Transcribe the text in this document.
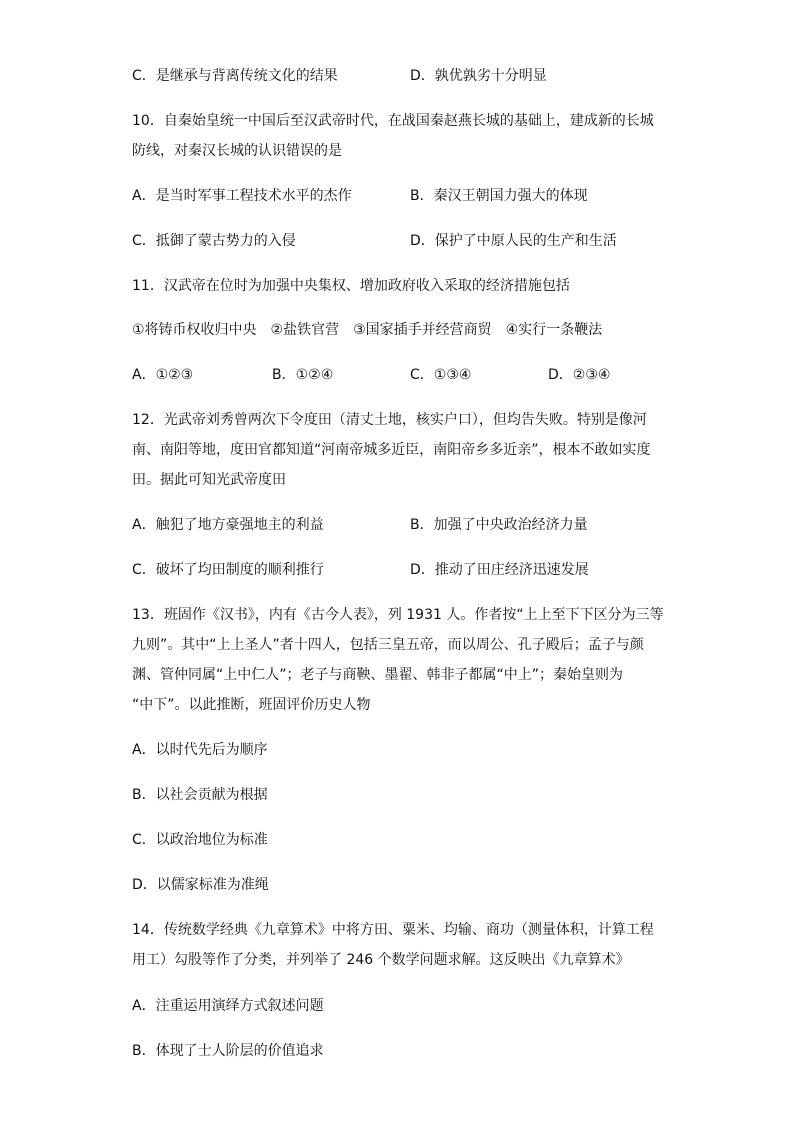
C．是继承与背离传统文化的结果	D．孰优孰劣十分明显
10．自秦始皇统一中国后至汉武帝时代，在战国秦赵燕长城的基础上，建成新的长城
防线，对秦汉长城的认识错误的是
A．是当时军事工程技术水平的杰作	B．秦汉王朝国力强大的体现
C．抵御了蒙古势力的入侵	D．保护了中原人民的生产和生活
11．汉武帝在位时为加强中央集权、增加政府收入采取的经济措施包括
①将铸币权收归中央　②盐铁官营　③国家插手并经营商贸　④实行一条鞭法
A．①②③	B．①②④	C．①③④	D．②③④
12．光武帝刘秀曾两次下令度田（清丈土地，核实户口），但均告失败。特别是像河
南、南阳等地，度田官都知道“河南帝城多近臣，南阳帝乡多近亲”，根本不敢如实度
田。据此可知光武帝度田
A．触犯了地方豪强地主的利益	B．加强了中央政治经济力量
C．破坏了均田制度的顺利推行	D．推动了田庄经济迅速发展
13．班固作《汉书》，内有《古今人表》，列 1931 人。作者按“上上至下下区分为三等
九则”。其中“上上圣人”者十四人，包括三皇五帝，而以周公、孔子殿后；孟子与颜
渊、管仲同属“上中仁人”；老子与商鞅、墨翟、韩非子都属“中上”；秦始皇则为
“中下”。以此推断，班固评价历史人物
A．以时代先后为顺序
B．以社会贡献为根据
C．以政治地位为标准
D．以儒家标准为准绳
14．传统数学经典《九章算术》中将方田、粟米、均输、商功（测量体积，计算工程
用工）勾股等作了分类，并列举了 246 个数学问题求解。这反映出《九章算术》
A．注重运用演绎方式叙述问题
B．体现了士人阶层的价值追求
